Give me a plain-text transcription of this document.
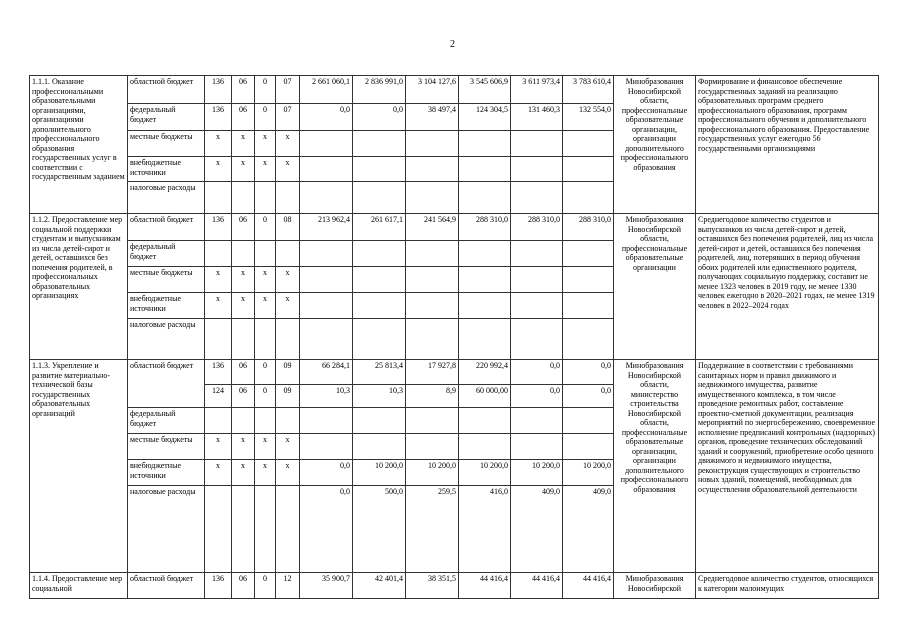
2
1.1.1. Оказание профессиональными образовательными организациями, организациями дополнительного профессионального образования государственных услуг в соответствии с государственным заданием	областной бюджет	136	06	0	07	2 661 060,1	2 836 991,0	3 104 127,6	3 545 606,9	3 611 973,4	3 783 610,4	Минобразования Новосибирской области, профессиональные образовательные организации, организации дополнительного профессионального образования	Формирование и финансовое обеспечение государственных заданий на реализацию образовательных программ среднего профессионального образования, программ профессионального обучения и дополнительного профессионального образования. Предоставление государственных услуг ежегодно 56 государственными организациями
	федеральный бюджет	136	06	0	07	0,0	0,0	38 497,4	124 304,5	131 460,3	132 554,0		
	местные бюджеты	х	х	х	х								
	внебюджетные источники	х	х	х	х								
	налоговые расходы												
1.1.2. Предоставление мер социальной поддержки студентам и выпускникам из числа детей-сирот и детей, оставшихся без попечения родителей, в профессиональных образовательных организациях	областной бюджет	136	06	0	08	213 962,4	261 617,1	241 564,9	288 310,0	288 310,0	288 310,0	Минобразования Новосибирской области, профессиональные образовательные организации	Среднегодовое количество студентов и выпускников из числа детей-сирот и детей, оставшихся без попечения родителей, лиц из числа детей-сирот и детей, оставшихся без попечения родителей, лиц, потерявших в период обучения обоих родителей или единственного родителя, получающих социальную поддержку, составит не менее 1323 человек в 2019 году, не менее 1330 человек ежегодно в 2020–2021 годах, не менее 1319 человек в 2022–2024 годах
	федеральный бюджет												
	местные бюджеты	х	х	х	х								
	внебюджетные источники	х	х	х	х								
	налоговые расходы												
1.1.3. Укрепление и развитие материально-технической базы государственных образовательных организаций	областной бюджет	136	06	0	09	66 284,1	25 813,4	17 927,8	220 992,4	0,0	0,0	Минобразования Новосибирской области, министерство строительства Новосибирской области, профессиональные образовательные организации, организации дополнительного профессионального образования	Поддержание в соответствии с требованиями санитарных норм и правил движимого и недвижимого имущества, развитие имущественного комплекса, в том числе проведение ремонтных работ, составление проектно-сметной документации, реализация мероприятий по энергосбережению, своевременное исполнение предписаний контрольных (надзорных) органов, проведение технических обследований зданий и сооружений, приобретение особо ценного движимого и недвижимого имущества, реконструкция существующих и строительство новых зданий, помещений, необходимых для осуществления образовательной деятельности
		124	06	0	09	10,3	10,3	8,9	60 000,00	0,0	0,0		
	федеральный бюджет												
	местные бюджеты	х	х	х	х								
	внебюджетные источники	х	х	х	х	0,0	10 200,0	10 200,0	10 200,0	10 200,0	10 200,0		
	налоговые расходы					0,0	500,0	259,5	416,0	409,0	409,0		
1.1.4. Предоставление мер социальной	областной бюджет	136	06	0	12	35 900,7	42 401,4	38 351,5	44 416,4	44 416,4	44 416,4	Минобразования Новосибирской	Среднегодовое количество студентов, относящихся к категории малоимущих
